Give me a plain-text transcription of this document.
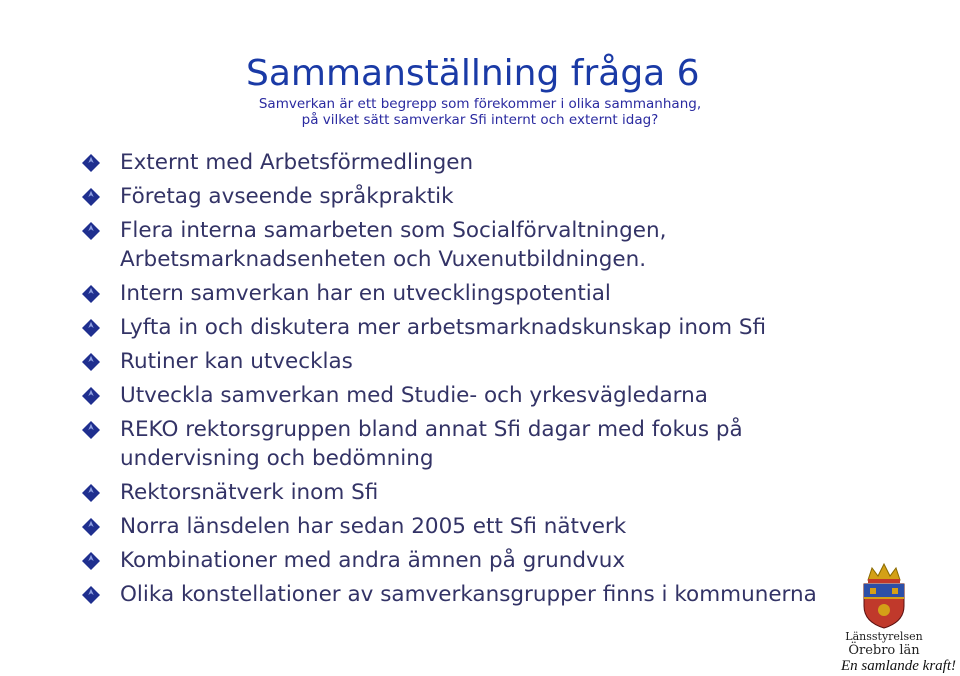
Sammanställning fråga 6
Samverkan är ett begrepp som förekommer i olika sammanhang,
på vilket sätt samverkar Sfi internt och externt idag?
Externt med Arbetsförmedlingen
Företag avseende språkpraktik
Flera interna samarbeten som Socialförvaltningen, Arbetsmarknadsenheten och Vuxenutbildningen.
Intern samverkan har en utvecklingspotential
Lyfta in och diskutera mer arbetsmarknadskunskap inom Sfi
Rutiner kan utvecklas
Utveckla samverkan med Studie- och yrkesvägledarna
REKO rektorsgruppen bland annat Sfi dagar med fokus på undervisning och bedömning
Rektorsnätverk inom Sfi
Norra länsdelen har sedan 2005 ett Sfi nätverk
Kombinationer med andra ämnen på grundvux
Olika konstellationer av samverkansgrupper finns i kommunerna
Länsstyrelsen
Örebro län
En samlande kraft!
